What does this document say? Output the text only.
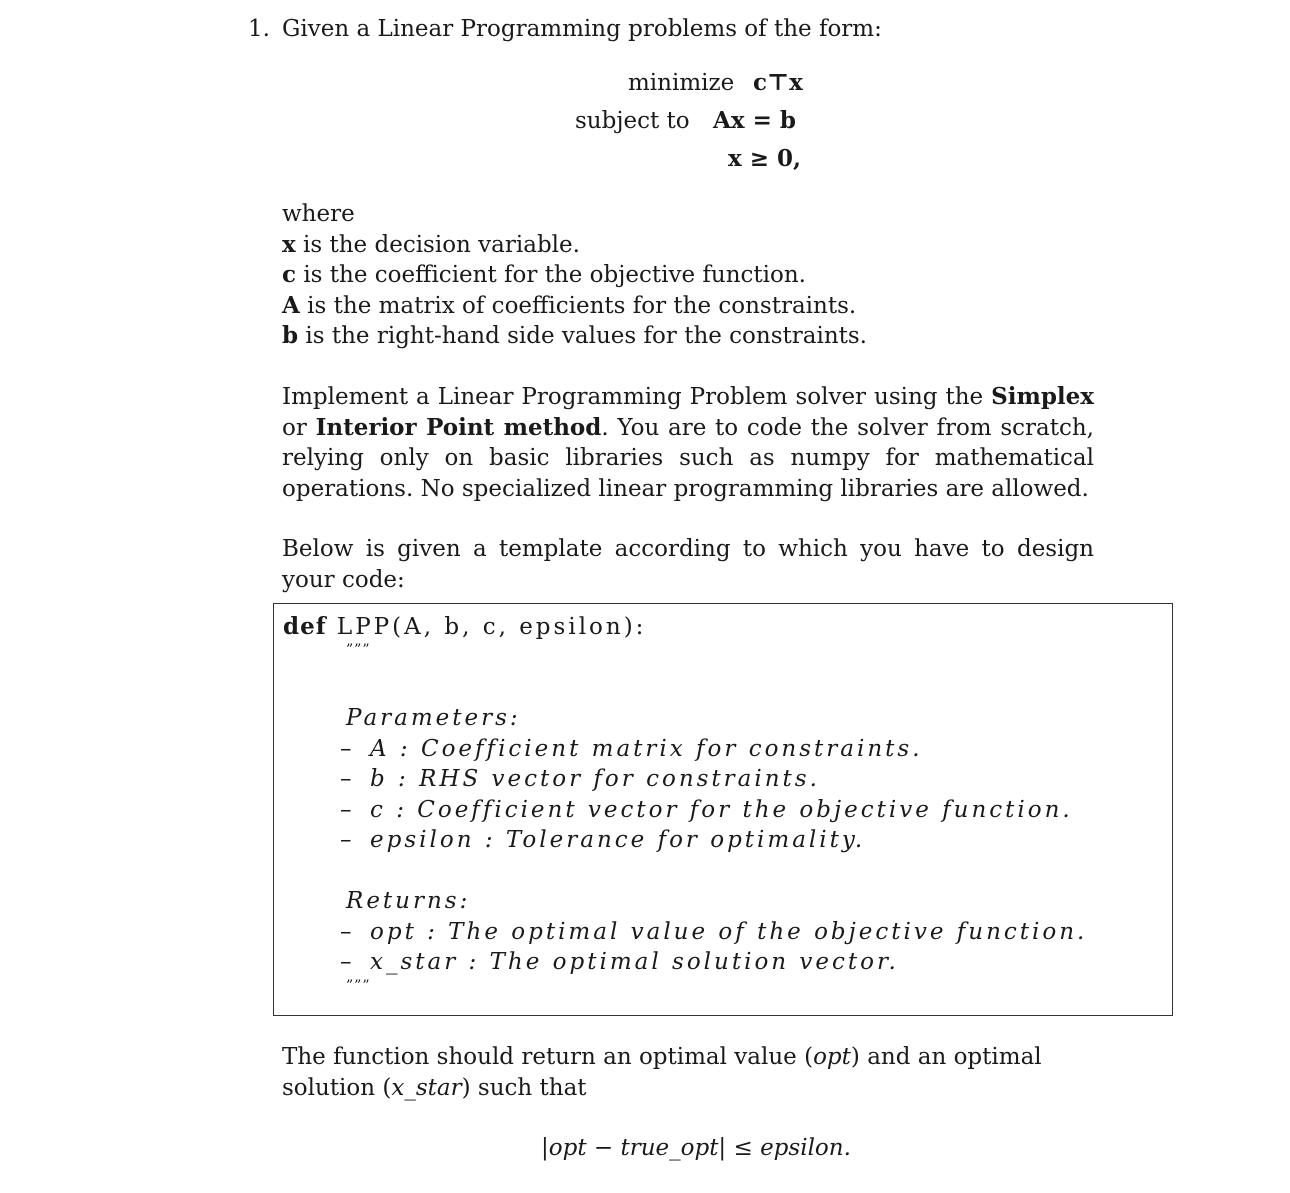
1. Given a Linear Programming problems of the form:
minimize c⊤x
subject to Ax = b
x ≥ 0,
where
x is the decision variable.
c is the coefficient for the objective function.
A is the matrix of coefficients for the constraints.
b is the right-hand side values for the constraints.
Implement a Linear Programming Problem solver using the Simplex or Interior Point method. You are to code the solver from scratch, relying only on basic libraries such as numpy for mathematical operations. No specialized linear programming libraries are allowed.
Below is given a template according to which you have to design your code:
def LPP(A, b, c, epsilon):
”””
Parameters:
– A : Coefficient matrix for constraints.
– b : RHS vector for constraints.
– c : Coefficient vector for the objective function.
– epsilon : Tolerance for optimality.
Returns:
– opt : The optimal value of the objective function.
– x_star : The optimal solution vector.
”””
The function should return an optimal value (opt) and an optimal solution (x_star) such that
|opt − true_opt| ≤ epsilon.
